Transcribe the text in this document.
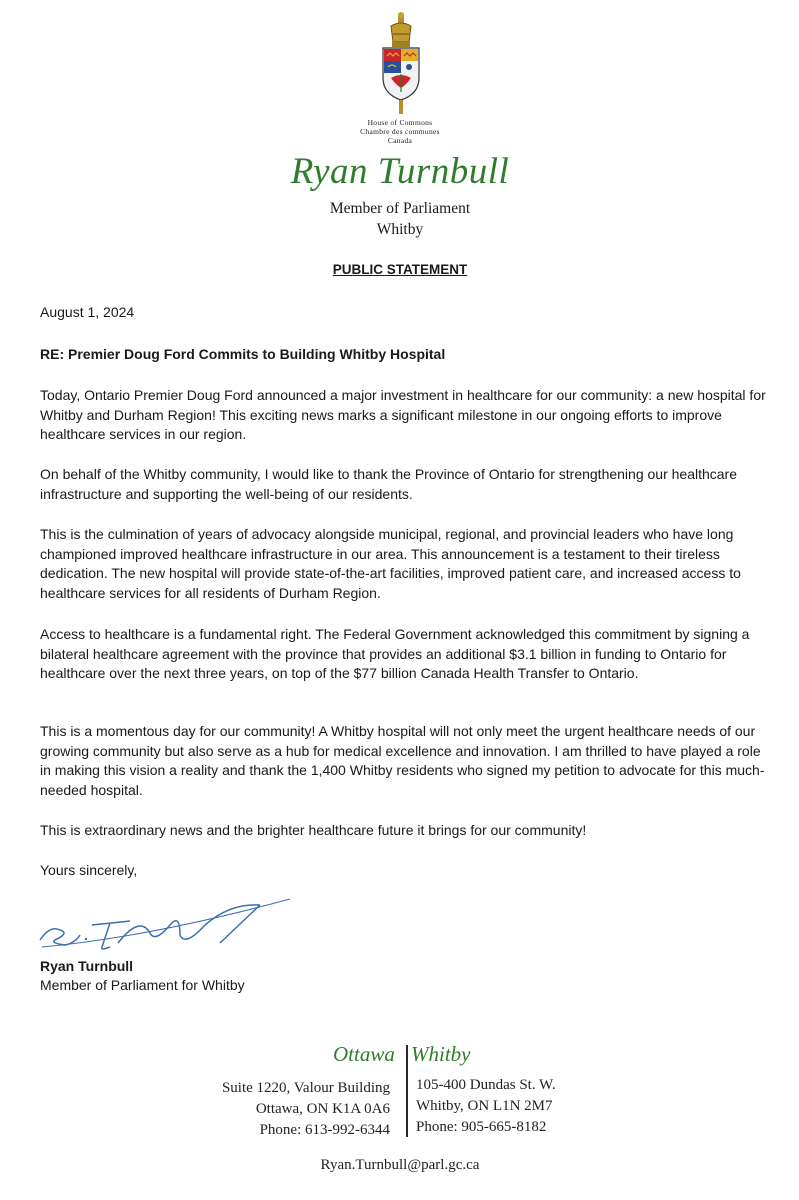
House of Commons
Chambre des communes
Canada
Ryan Turnbull
Member of Parliament
Whitby
PUBLIC STATEMENT

August 1, 2024

RE: Premier Doug Ford Commits to Building Whitby Hospital

Today, Ontario Premier Doug Ford announced a major investment in healthcare for our community: a new hospital for Whitby and Durham Region! This exciting news marks a significant milestone in our ongoing efforts to improve healthcare services in our region.

On behalf of the Whitby community, I would like to thank the Province of Ontario for strengthening our healthcare infrastructure and supporting the well-being of our residents.

This is the culmination of years of advocacy alongside municipal, regional, and provincial leaders who have long championed improved healthcare infrastructure in our area. This announcement is a testament to their tireless dedication. The new hospital will provide state-of-the-art facilities, improved patient care, and increased access to healthcare services for all residents of Durham Region.

Access to healthcare is a fundamental right. The Federal Government acknowledged this commitment by signing a bilateral healthcare agreement with the province that provides an additional $3.1 billion in funding to Ontario for healthcare over the next three years, on top of the $77 billion Canada Health Transfer to Ontario.

This is a momentous day for our community! A Whitby hospital will not only meet the urgent healthcare needs of our growing community but also serve as a hub for medical excellence and innovation. I am thrilled to have played a role in making this vision a reality and thank the 1,400 Whitby residents who signed my petition to advocate for this much-needed hospital.

This is extraordinary news and the brighter healthcare future it brings for our community!

Yours sincerely,

Ryan Turnbull
Member of Parliament for Whitby
Ottawa Whitby
Suite 1220, Valour Building
Ottawa, ON K1A 0A6
Phone: 613-992-6344
105-400 Dundas St. W.
Whitby, ON L1N 2M7
Phone: 905-665-8182
Ryan.Turnbull@parl.gc.ca
